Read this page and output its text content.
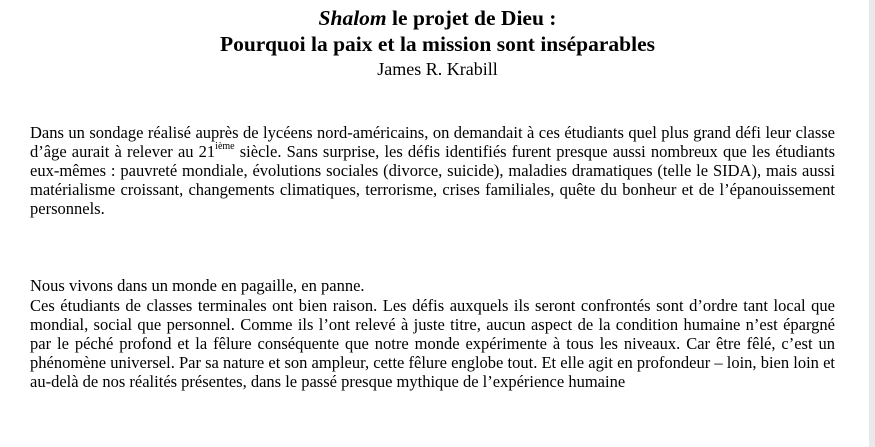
Shalom le projet de Dieu :
Pourquoi la paix et la mission sont inséparables
James R. Krabill
Dans un sondage réalisé auprès de lycéens nord-américains, on demandait à ces étudiants quel plus grand défi leur classe d’âge aurait à relever au 21ième siècle. Sans surprise, les défis identifiés furent presque aussi nombreux que les étudiants eux-mêmes : pauvreté mondiale, évolutions sociales (divorce, suicide), maladies dramatiques (telle le SIDA), mais aussi matérialisme croissant, changements climatiques, terrorisme, crises familiales, quête du bonheur et de l’épanouissement personnels.
Nous vivons dans un monde en pagaille, en panne.
Ces étudiants de classes terminales ont bien raison. Les défis auxquels ils seront confrontés sont d’ordre tant local que mondial, social que personnel. Comme ils l’ont relevé à juste titre, aucun aspect de la condition humaine n’est épargné par le péché profond et la fêlure conséquente que notre monde expérimente à tous les niveaux. Car être fêlé, c’est un phénomène universel. Par sa nature et son ampleur, cette fêlure englobe tout. Et elle agit en profondeur – loin, bien loin et au-delà de nos réalités présentes, dans le passé presque mythique de l’expérience humaine
